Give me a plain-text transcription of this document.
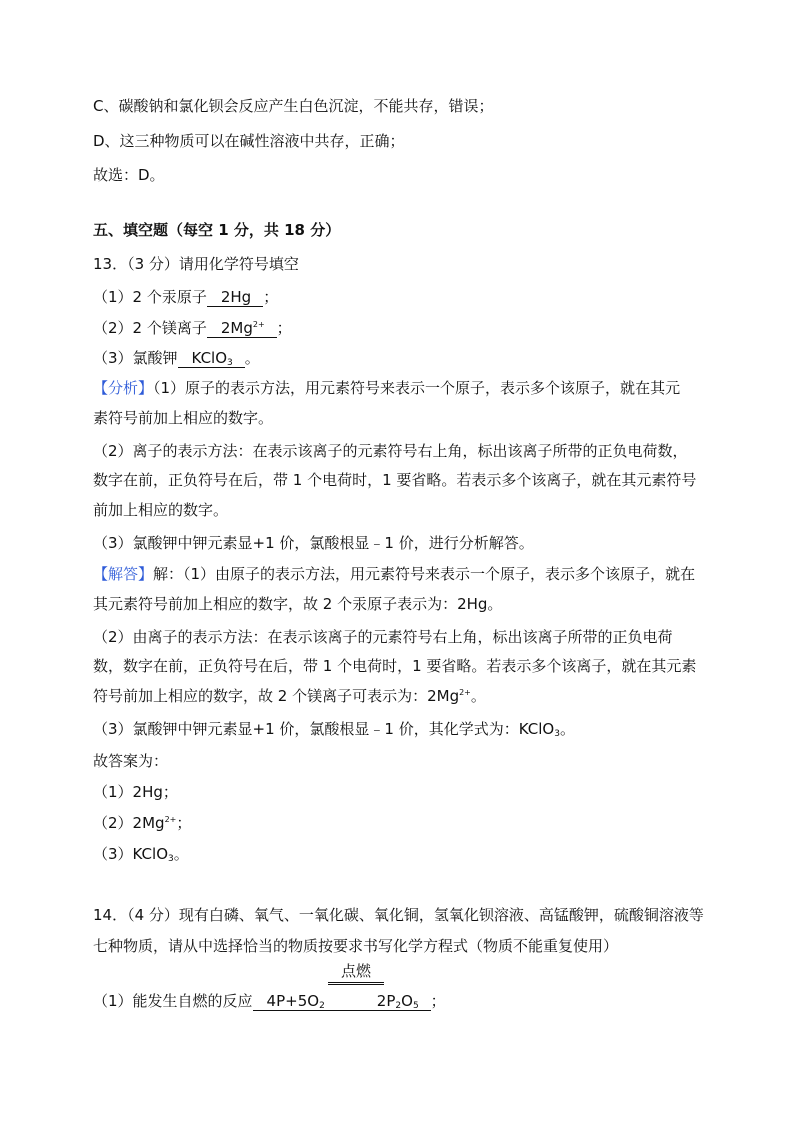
C、碳酸钠和氯化钡会反应产生白色沉淀，不能共存，错误；
D、这三种物质可以在碱性溶液中共存，正确；
故选：D。
五、填空题（每空 1 分，共 18 分）
13．（3 分）请用化学符号填空
（1）2 个汞原子 2Hg ；
（2）2 个镁离子 $2Mg^{2+}$ ；
（3）氯酸钾 KClO$_3$ 。
【分析】（1）原子的表示方法，用元素符号来表示一个原子，表示多个该原子，就在其元
素符号前加上相应的数字。
（2）离子的表示方法：在表示该离子的元素符号右上角，标出该离子所带的正负电荷数，
数字在前，正负符号在后，带 1 个电荷时，1 要省略。若表示多个该离子，就在其元素符号
前加上相应的数字。
（3）氯酸钾中钾元素显+1 价，氯酸根显﹣1 价，进行分析解答。
【解答】解：（1）由原子的表示方法，用元素符号来表示一个原子，表示多个该原子，就在
其元素符号前加上相应的数字，故 2 个汞原子表示为：2Hg。
（2）由离子的表示方法：在表示该离子的元素符号右上角，标出该离子所带的正负电荷
数，数字在前，正负符号在后，带 1 个电荷时，1 要省略。若表示多个该离子，就在其元素
符号前加上相应的数字，故 2 个镁离子可表示为：$2Mg^{2+}$。
（3）氯酸钾中钾元素显+1 价，氯酸根显﹣1 价，其化学式为：KClO$_3$。
故答案为：
（1）2Hg；
$(2)2Mg^{2+}$；
（3）KClO$_3$。
14．（4 分）现有白磷、氧气、一氧化碳、氧化铜，氢氧化钡溶液、高锰酸钾，硫酸铜溶液等
七种物质，请从中选择恰当的物质按要求书写化学方程式（物质不能重复使用）
点燃
（1）能发生自燃的反应 $4P+5O_2$	$2P_2O_5$ ；
